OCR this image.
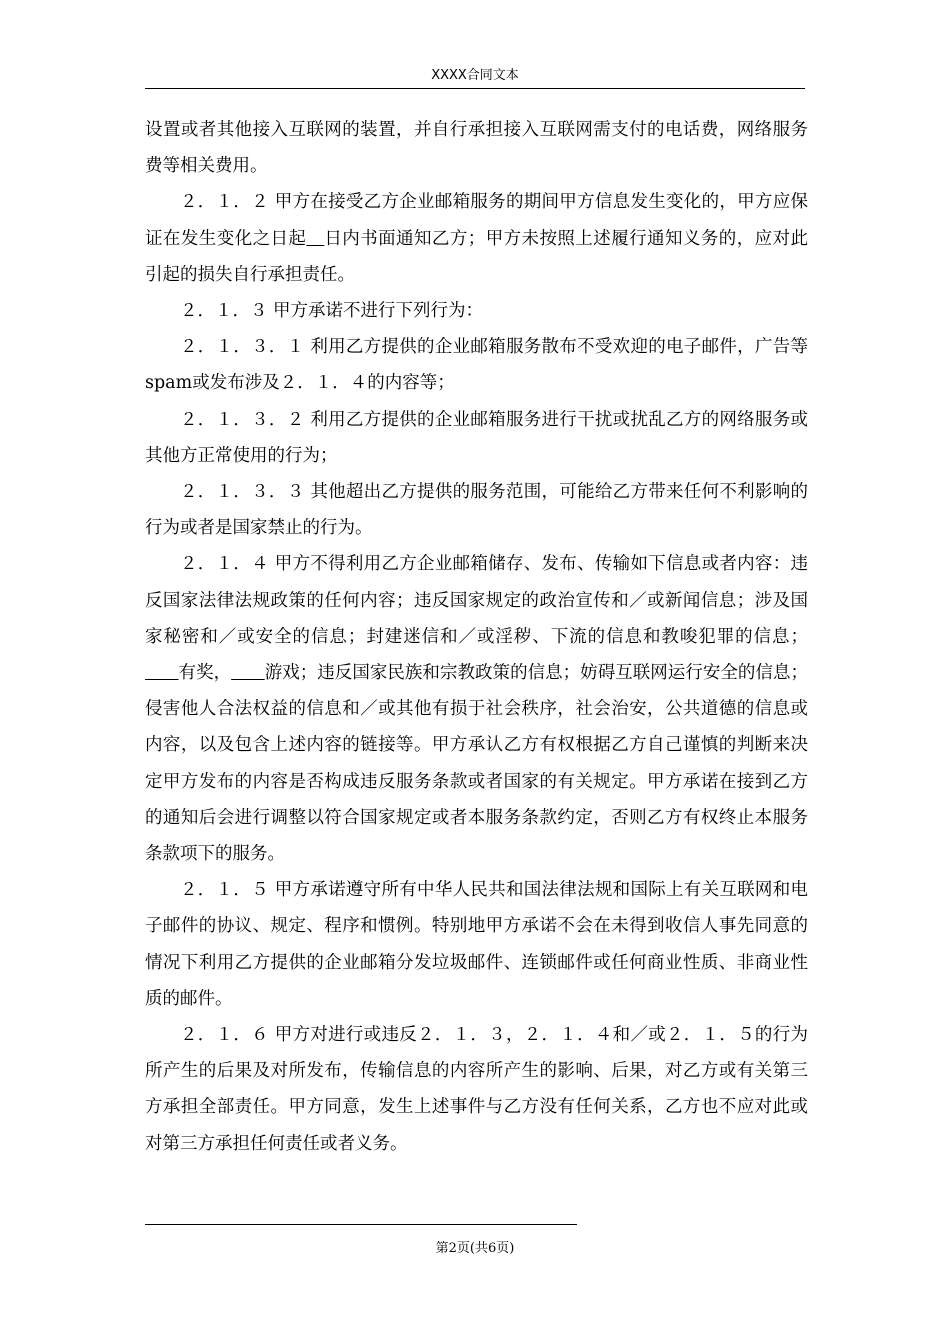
XXXX合同文本

设置或者其他接入互联网的装置，并自行承担接入互联网需支付的电话费，网络服务费等相关费用。

２．１．２ 甲方在接受乙方企业邮箱服务的期间甲方信息发生变化的，甲方应保证在发生变化之日起 日内书面通知乙方；甲方未按照上述履行通知义务的，应对此引起的损失自行承担责任。

２．１．３ 甲方承诺不进行下列行为：

２．１．３．１ 利用乙方提供的企业邮箱服务散布不受欢迎的电子邮件，广告等spam或发布涉及２．１．４的内容等；

２．１．３．２ 利用乙方提供的企业邮箱服务进行干扰或扰乱乙方的网络服务或其他方正常使用的行为；

２．１．３．３ 其他超出乙方提供的服务范围，可能给乙方带来任何不利影响的行为或者是国家禁止的行为。

２．１．４ 甲方不得利用乙方企业邮箱储存、发布、传输如下信息或者内容：违反国家法律法规政策的任何内容；违反国家规定的政治宣传和／或新闻信息；涉及国家秘密和／或安全的信息；封建迷信和／或淫秽、下流的信息和教唆犯罪的信息；      有奖， 游戏；违反国家民族和宗教政策的信息；妨碍互联网运行安全的信息；侵害他人合法权益的信息和／或其他有损于社会秩序，社会治安，公共道德的信息或内容，以及包含上述内容的链接等。甲方承认乙方有权根据乙方自己谨慎的判断来决定甲方发布的内容是否构成违反服务条款或者国家的有关规定。甲方承诺在接到乙方的通知后会进行调整以符合国家规定或者本服务条款约定，否则乙方有权终止本服务条款项下的服务。

２．１．５ 甲方承诺遵守所有中华人民共和国法律法规和国际上有关互联网和电子邮件的协议、规定、程序和惯例。特别地甲方承诺不会在未得到收信人事先同意的情况下利用乙方提供的企业邮箱分发垃圾邮件、连锁邮件或任何商业性质、非商业性质的邮件。

２．１．６ 甲方对进行或违反２．１．３，２．１．４和／或２．１．５的行为所产生的后果及对所发布，传输信息的内容所产生的影响、后果，对乙方或有关第三方承担全部责任。甲方同意，发生上述事件与乙方没有任何关系，乙方也不应对此或对第三方承担任何责任或者义务。

第2页(共6页)
